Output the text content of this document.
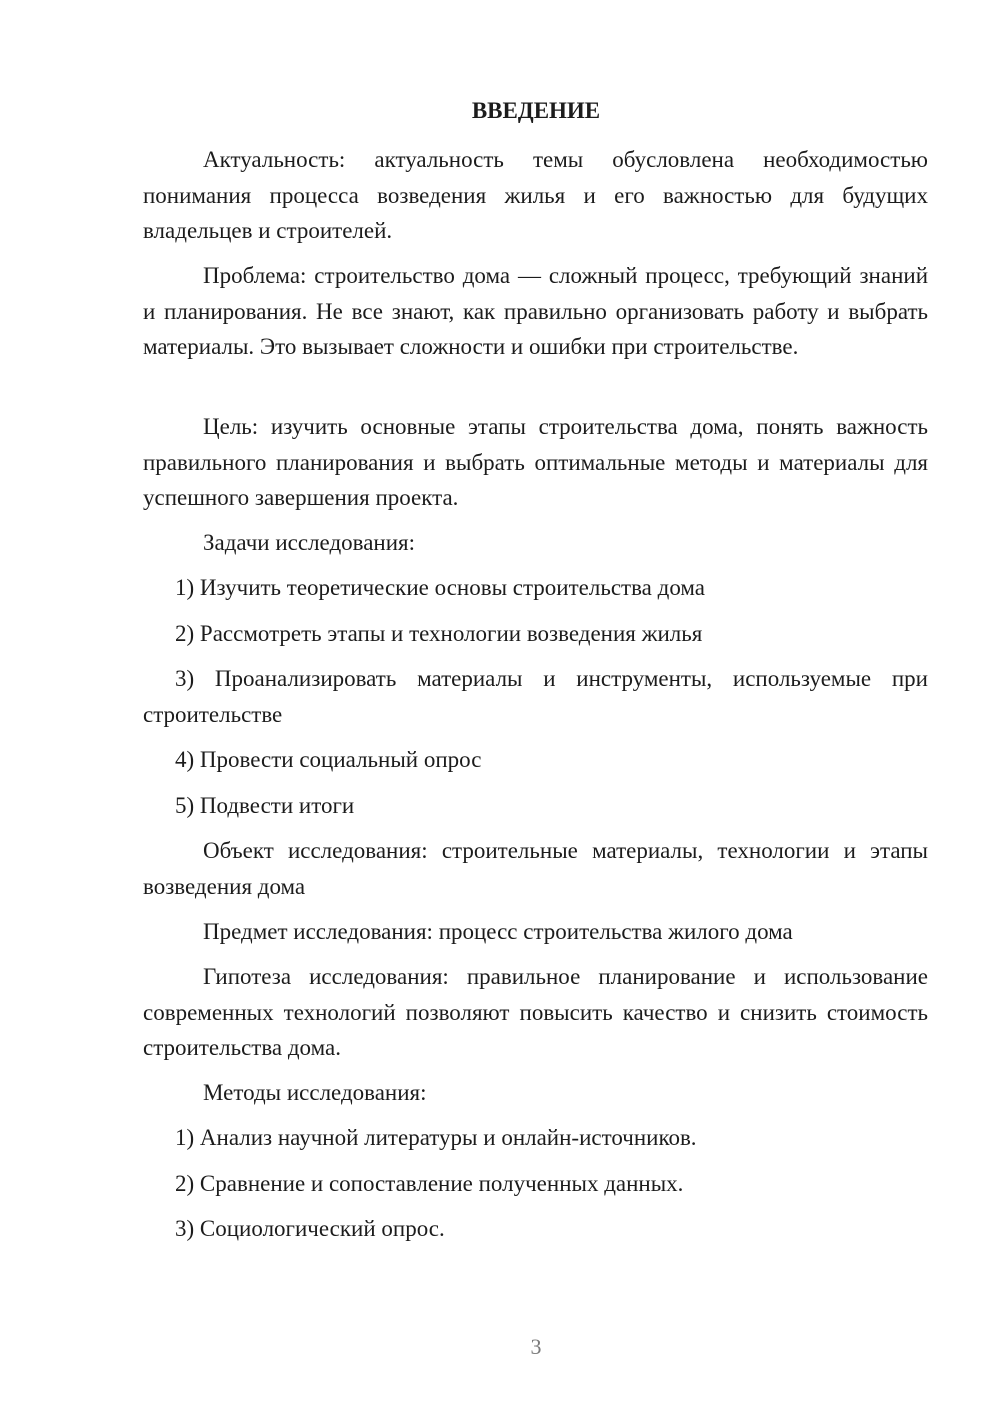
ВВЕДЕНИЕ

Актуальность: актуальность темы обусловлена необходимостью понимания процесса возведения жилья и его важностью для будущих владельцев и строителей.

Проблема: строительство дома — сложный процесс, требующий знаний и планирования. Не все знают, как правильно организовать работу и выбрать материалы. Это вызывает сложности и ошибки при строительстве.

Цель: изучить основные этапы строительства дома, понять важность правильного планирования и выбрать оптимальные методы и материалы для успешного завершения проекта.

Задачи исследования:

1) Изучить теоретические основы строительства дома

2) Рассмотреть этапы и технологии возведения жилья

3) Проанализировать материалы и инструменты, используемые при строительстве

4) Провести социальный опрос

5) Подвести итоги

Объект исследования: строительные материалы, технологии и этапы возведения дома

Предмет исследования: процесс строительства жилого дома

Гипотеза исследования: правильное планирование и использование современных технологий позволяют повысить качество и снизить стоимость строительства дома.

Методы исследования:

1) Анализ научной литературы и онлайн-источников.

2) Сравнение и сопоставление полученных данных.

3) Социологический опрос.

3
